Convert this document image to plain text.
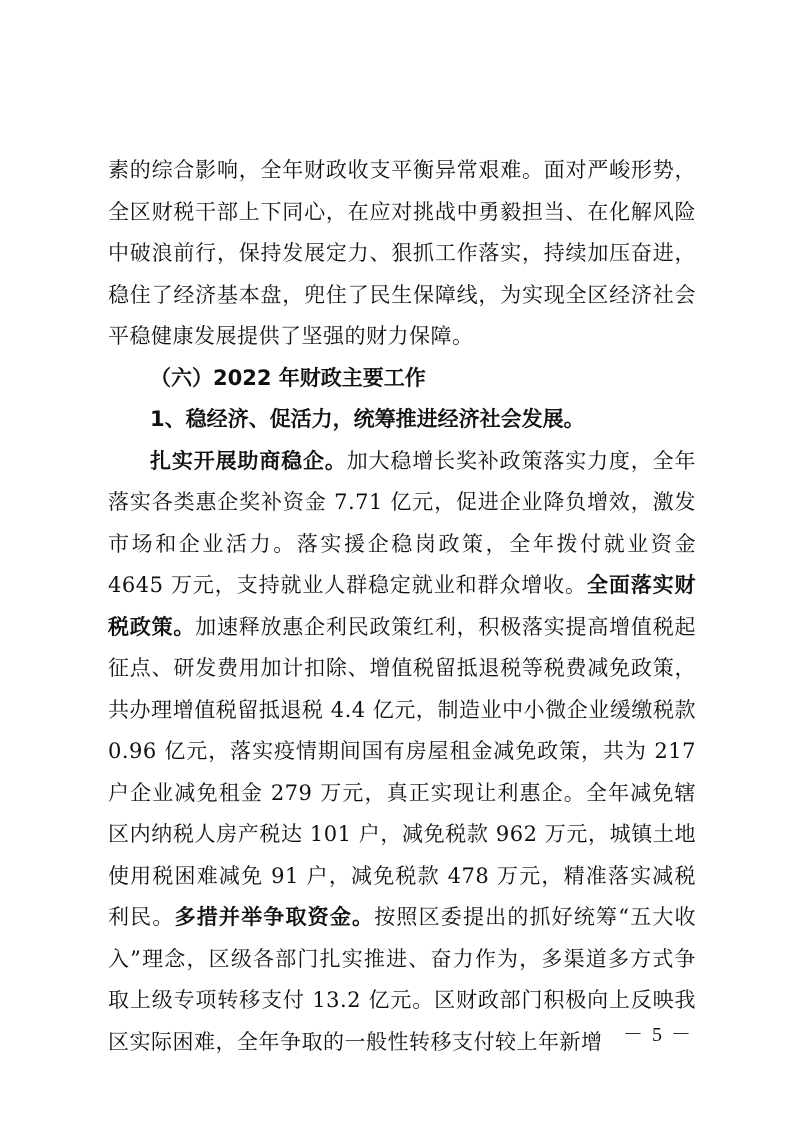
素的综合影响，全年财政收支平衡异常艰难。面对严峻形势，全区财税干部上下同心，在应对挑战中勇毅担当、在化解风险中破浪前行，保持发展定力、狠抓工作落实，持续加压奋进，稳住了经济基本盘，兜住了民生保障线，为实现全区经济社会平稳健康发展提供了坚强的财力保障。

（六）2022 年财政主要工作

1、稳经济、促活力，统筹推进经济社会发展。

扎实开展助商稳企。加大稳增长奖补政策落实力度，全年落实各类惠企奖补资金 7.71 亿元，促进企业降负增效，激发市场和企业活力。落实援企稳岗政策，全年拨付就业资金 4645 万元，支持就业人群稳定就业和群众增收。全面落实财税政策。加速释放惠企利民政策红利，积极落实提高增值税起征点、研发费用加计扣除、增值税留抵退税等税费减免政策，共办理增值税留抵退税 4.4 亿元，制造业中小微企业缓缴税款 0.96 亿元，落实疫情期间国有房屋租金减免政策，共为 217 户企业减免租金 279 万元，真正实现让利惠企。全年减免辖区内纳税人房产税达 101 户，减免税款 962 万元，城镇土地使用税困难减免 91 户，减免税款 478 万元，精准落实减税利民。多措并举争取资金。按照区委提出的抓好统筹“五大收入”理念，区级各部门扎实推进、奋力作为，多渠道多方式争取上级专项转移支付 13.2 亿元。区财政部门积极向上反映我区实际困难，全年争取的一般性转移支付较上年新增	－ 5 －
